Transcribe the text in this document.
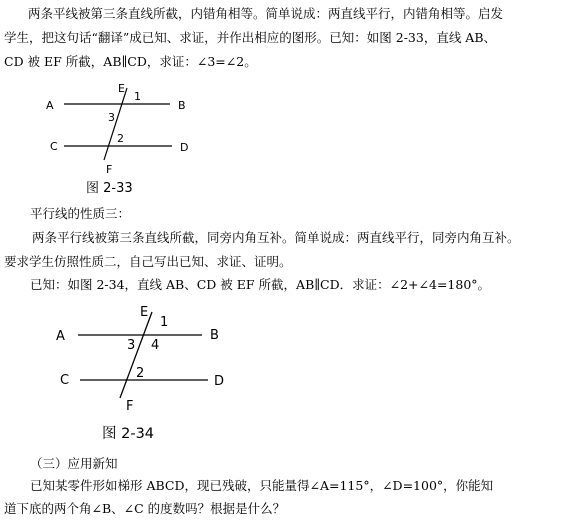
两条平线被第三条直线所截，内错角相等。简单说成：两直线平行，内错角相等。启发
学生，把这句话“翻译”成已知、求证，并作出相应的图形。已知：如图 2-33，直线 AB、
CD 被 EF 所截，AB∥CD，求证：∠3=∠2。
E
1
A	B
3
C
2
D
F
图 2-33
平行线的性质三：
两条平行线被第三条直线所截，同旁内角互补。简单说成：两直线平行，同旁内角互补。
要求学生仿照性质二，自己写出已知、求证、证明。
已知：如图 2-34，直线 AB、CD 被 EF 所截，AB∥CD．求证：∠2+∠4=180°。
E
1
A	B
3 4
C	2
D
F
图 2-34
（三）应用新知
已知某零件形如梯形 ABCD，现已残破，只能量得∠A=115°，∠D=100°，你能知
道下底的两个角∠B、∠C 的度数吗？根据是什么？
